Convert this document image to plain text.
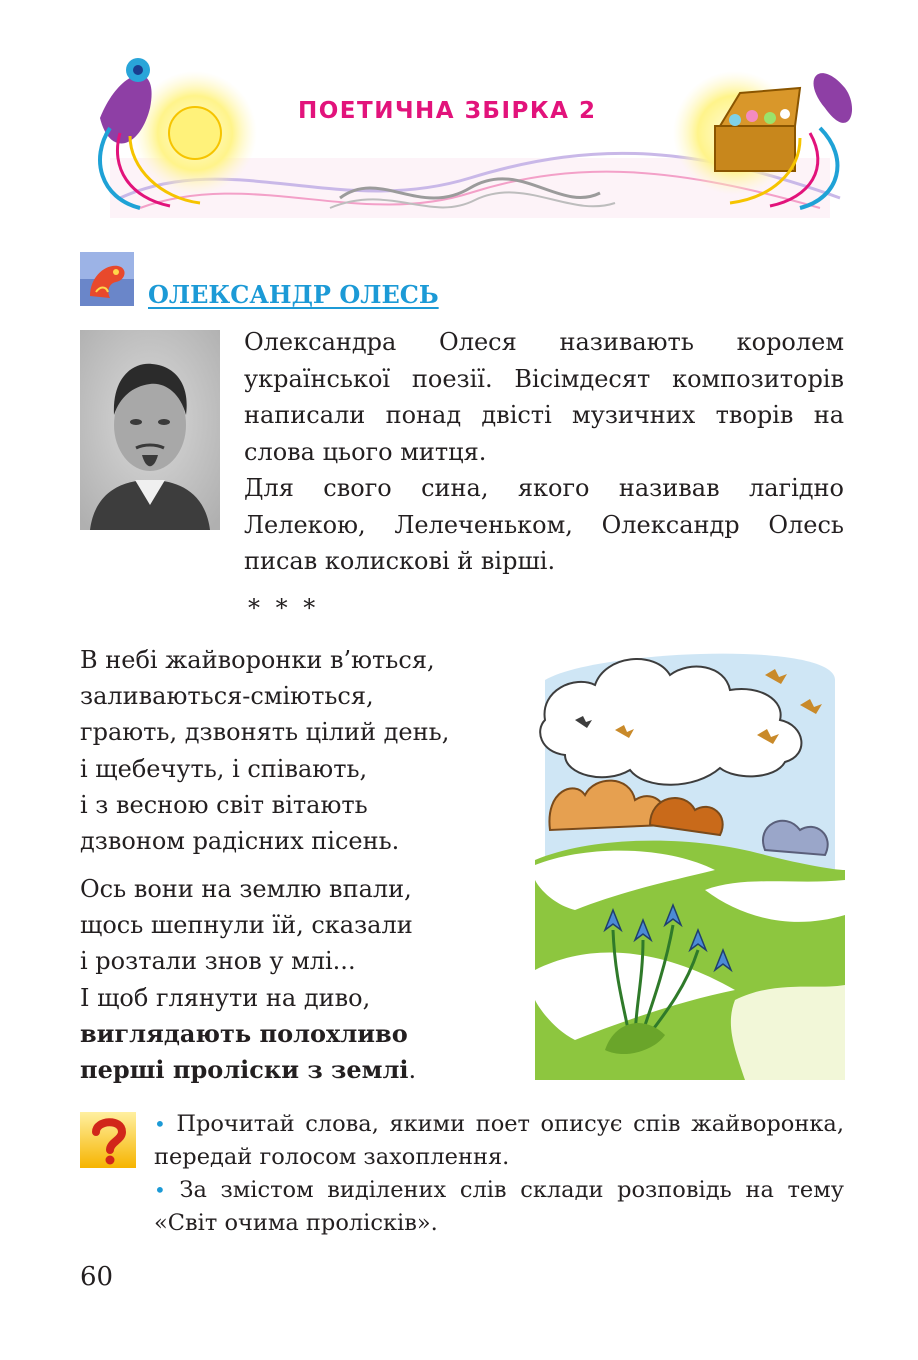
ПОЕТИЧНА ЗБІРКА 2
ОЛЕКСАНДР ОЛЕСЬ

Олександра Олеся називають королем української поезії. Вісімдесят композиторів написали понад двісті музичних творів на слова цього митця.

Для свого сина, якого називав лагідно Лелекою, Лелеченьком, Олександр Олесь писав колискові й вірші.

* * *
В небі жайворонки в’ються,
заливаються-сміються,
грають, дзвонять цілий день,
і щебечуть, і співають,
і з весною світ вітають
дзвоном радісних пісень.
Ось вони на землю впали,
щось шепнули їй, сказали
і розтали знов у млі...
І щоб глянути на диво,
виглядають полохливо
перші проліски з землі.
• Прочитай слова, якими поет описує спів жайворонка, передай голосом захоплення.
• За змістом виділених слів склади розповідь на тему «Світ очима пролісків».
60
